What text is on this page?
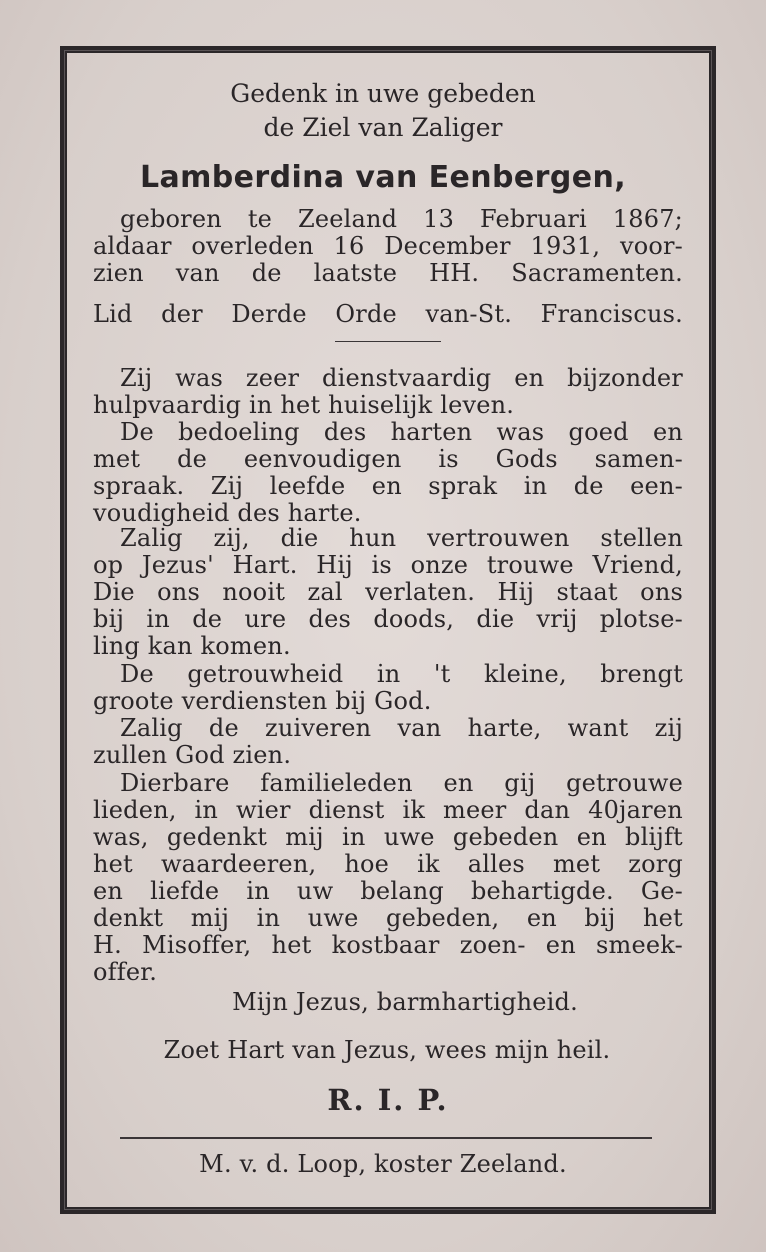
Gedenk in uwe gebeden
de Ziel van Zaliger
Lamberdina van Eenbergen,
geboren te Zeeland 13 Februari 1867;
aldaar overleden 16 December 1931, voor-
zien van de laatste HH. Sacramenten.
Lid der Derde Orde van-St. Franciscus.
Zij was zeer dienstvaardig en bijzonder
hulpvaardig in het huiselijk leven.
De bedoeling des harten was goed en
met de eenvoudigen is Gods samen-
spraak. Zij leefde en sprak in de een-
voudigheid des harte.
Zalig zij, die hun vertrouwen stellen
op Jezus' Hart. Hij is onze trouwe Vriend,
Die ons nooit zal verlaten. Hij staat ons
bij in de ure des doods, die vrij plotse-
ling kan komen.
De getrouwheid in 't kleine, brengt
groote verdiensten bij God.
Zalig de zuiveren van harte, want zij
zullen God zien.
Dierbare familieleden en gij getrouwe
lieden, in wier dienst ik meer dan 40jaren
was, gedenkt mij in uwe gebeden en blijft
het waardeeren, hoe ik alles met zorg
en liefde in uw belang behartigde. Ge-
denkt mij in uwe gebeden, en bij het
H. Misoffer, het kostbaar zoen- en smeek-
offer.
Mijn Jezus, barmhartigheid.
Zoet Hart van Jezus, wees mijn heil.
R. I. P.
M. v. d. Loop, koster Zeeland.
